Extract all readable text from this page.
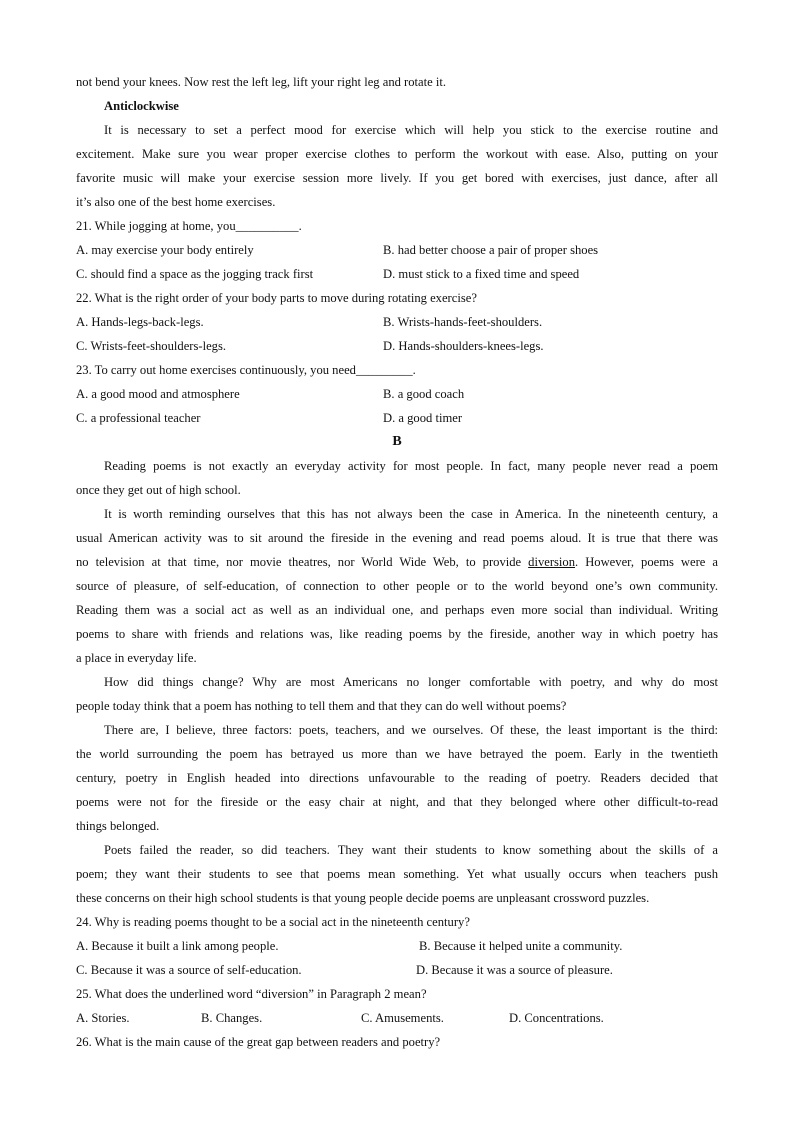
not bend your knees. Now rest the left leg, lift your right leg and rotate it.
Anticlockwise
It is necessary to set a perfect mood for exercise which will help you stick to the exercise routine and
excitement. Make sure you wear proper exercise clothes to perform the workout with ease. Also, putting on your
favorite music will make your exercise session more lively. If you get bored with exercises, just dance, after all
it’s also one of the best home exercises.
21. While jogging at home, you__________.
A. may exercise your body entirely	B. had better choose a pair of proper shoes
C. should find a space as the jogging track first	D. must stick to a fixed time and speed
22. What is the right order of your body parts to move during rotating exercise?
A. Hands-legs-back-legs.	B. Wrists-hands-feet-shoulders.
C. Wrists-feet-shoulders-legs.	D. Hands-shoulders-knees-legs.
23. To carry out home exercises continuously, you need_________.
A. a good mood and atmosphere	B. a good coach
C. a professional teacher	D. a good timer
B
Reading poems is not exactly an everyday activity for most people. In fact, many people never read a poem
once they get out of high school.
It is worth reminding ourselves that this has not always been the case in America. In the nineteenth century, a
usual American activity was to sit around the fireside in the evening and read poems aloud. It is true that there was
no television at that time, nor movie theatres, nor World Wide Web, to provide diversion. However, poems were a
source of pleasure, of self-education, of connection to other people or to the world beyond one’s own community.
Reading them was a social act as well as an individual one, and perhaps even more social than individual. Writing
poems to share with friends and relations was, like reading poems by the fireside, another way in which poetry has
a place in everyday life.
How did things change? Why are most Americans no longer comfortable with poetry, and why do most
people today think that a poem has nothing to tell them and that they can do well without poems?
There are, I believe, three factors: poets, teachers, and we ourselves. Of these, the least important is the third:
the world surrounding the poem has betrayed us more than we have betrayed the poem. Early in the twentieth
century, poetry in English headed into directions unfavourable to the reading of poetry. Readers decided that
poems were not for the fireside or the easy chair at night, and that they belonged where other difficult-to-read
things belonged.
Poets failed the reader, so did teachers. They want their students to know something about the skills of a
poem; they want their students to see that poems mean something. Yet what usually occurs when teachers push
these concerns on their high school students is that young people decide poems are unpleasant crossword puzzles.
24. Why is reading poems thought to be a social act in the nineteenth century?
A. Because it built a link among people.	B. Because it helped unite a community.
C. Because it was a source of self-education.	D. Because it was a source of pleasure.
25. What does the underlined word “diversion” in Paragraph 2 mean?
A. Stories.	B. Changes.	C. Amusements.	D. Concentrations.
26. What is the main cause of the great gap between readers and poetry?
